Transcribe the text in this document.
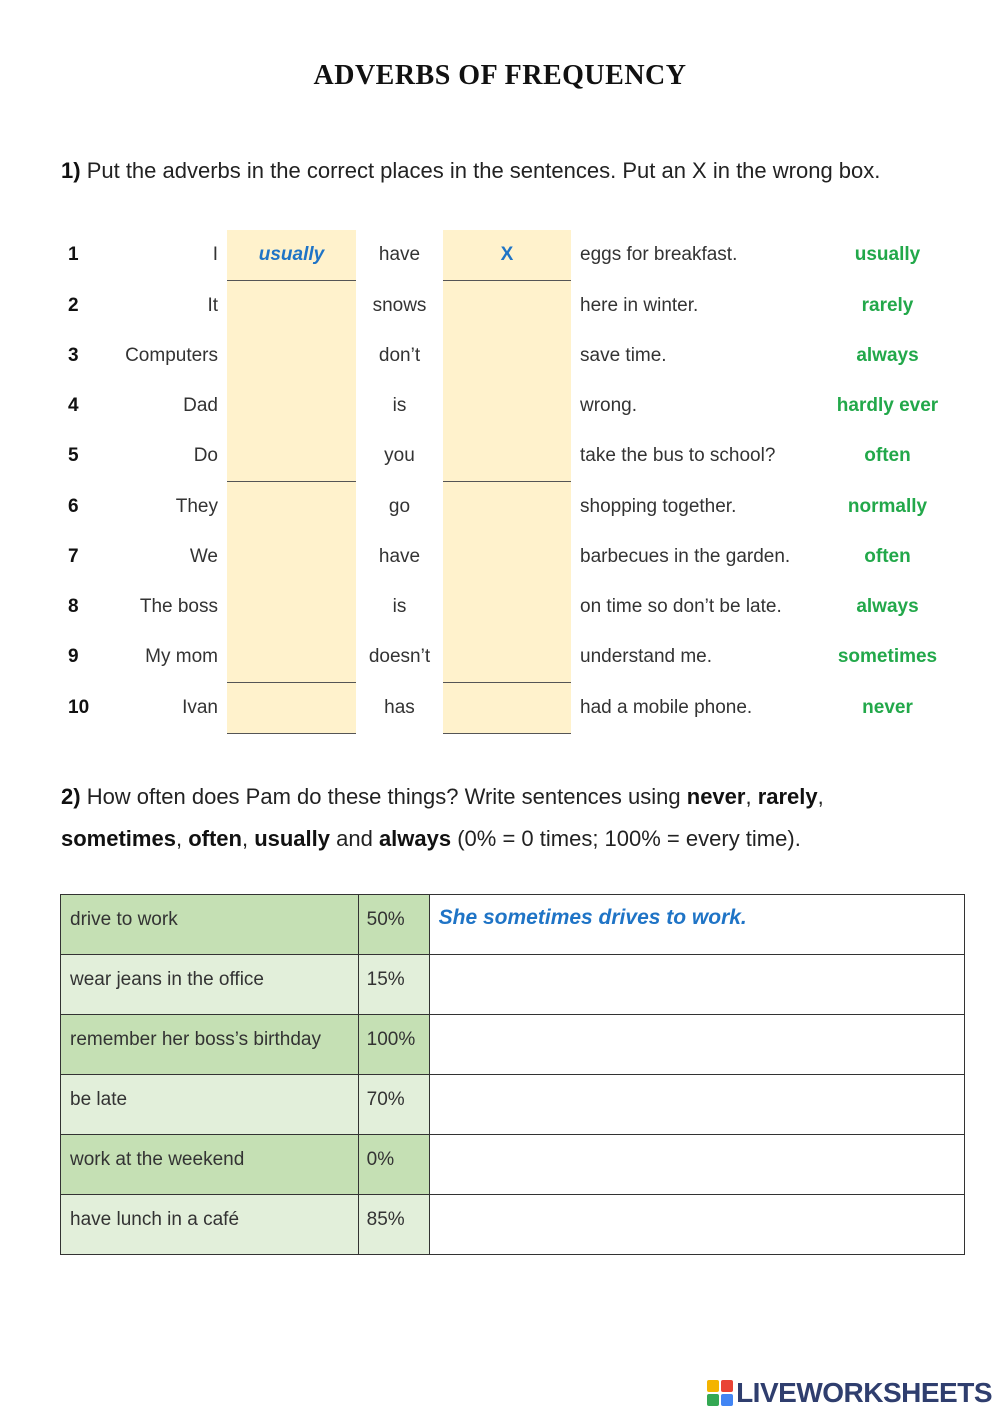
ADVERBS OF FREQUENCY
1) Put the adverbs in the correct places in the sentences. Put an X in the wrong box.
1	I	usually	have	X	eggs for breakfast.	usually
2	It	snows	here in winter.	rarely
3	Computers	don’t	save time.	always
4	Dad	is	wrong.	hardly ever
5	Do	you	take the bus to school?	often
6	They	go	shopping together.	normally
7	We	have	barbecues in the garden.	often
8	The boss	is	on time so don’t be late.	always
9	My mom	doesn’t	understand me.	sometimes
10	Ivan	has	had a mobile phone.	never
2) How often does Pam do these things? Write sentences using never, rarely,
sometimes, often, usually and always (0% = 0 times; 100% = every time).
drive to work	50%	She sometimes drives to work.
wear jeans in the office	15%	
remember her boss’s birthday	100%	
be late	70%	
work at the weekend	0%	
have lunch in a café	85%	
LIVEWORKSHEETS
